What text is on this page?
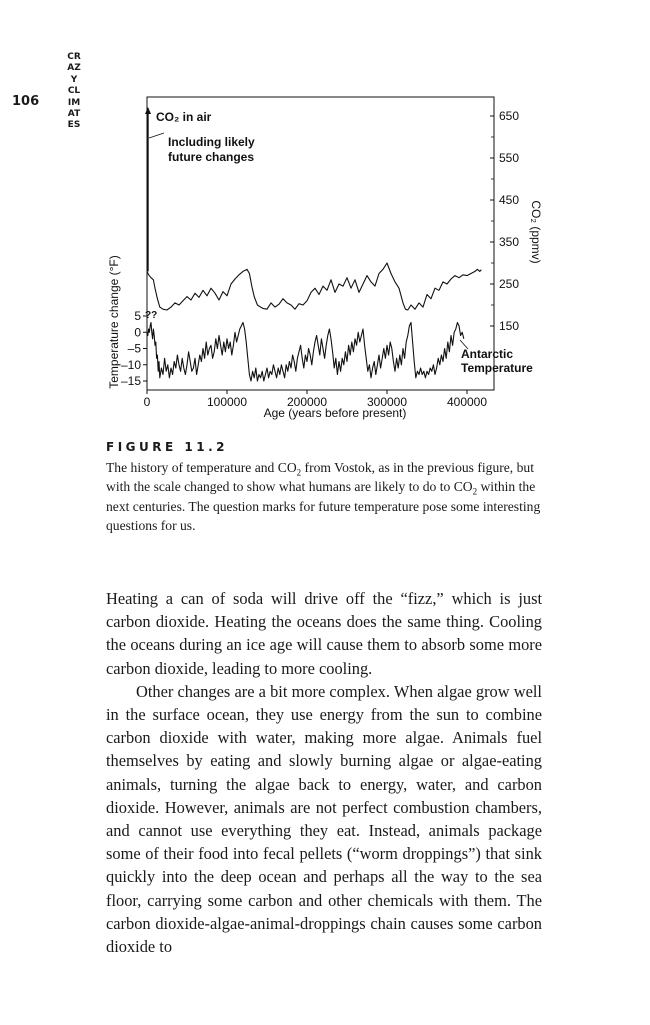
106
CRAZY CLIMATES
0	100000	200000	300000	400000
650
550
450
350
250
150
5
0
–5
–10
–15
CO₂ in air
Including likely
future changes
??
Antarctic
Temperature
Age (years before present)
Temperature change (°F)
CO₂ (ppmv)
FIGURE 11.2
The history of temperature and $CO_2$ from Vostok, as in the previous figure, but with the scale changed to show what humans are likely to do to $CO_2$ within the next centuries. The question marks for future temperature pose some interesting questions for us.

Heating a can of soda will drive off the “fizz,” which is just carbon dioxide. Heating the oceans does the same thing. Cooling the oceans during an ice age will cause them to absorb some more carbon dioxide, leading to more cooling.

Other changes are a bit more complex. When algae grow well in the surface ocean, they use energy from the sun to combine carbon dioxide with water, making more algae. Animals fuel themselves by eating and slowly burning algae or algae-eating animals, turning the algae back to energy, water, and carbon dioxide. However, animals are not perfect combustion chambers, and cannot use everything they eat. Instead, animals package some of their food into fecal pellets (“worm droppings”) that sink quickly into the deep ocean and perhaps all the way to the sea floor, carrying some carbon and other chemicals with them. The carbon dioxide-algae-animal-droppings chain causes some carbon dioxide to
